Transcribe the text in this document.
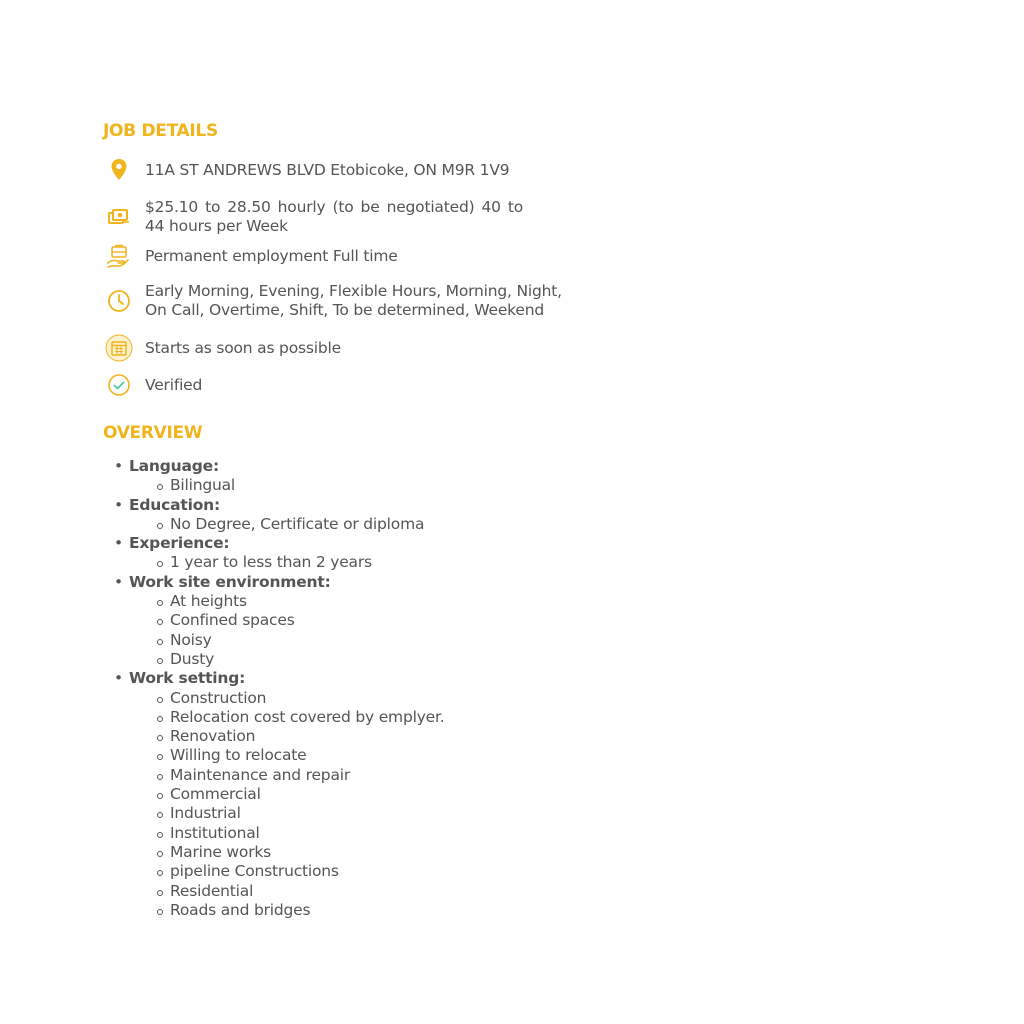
JOB DETAILS
11A ST ANDREWS BLVD Etobicoke, ON M9R 1V9
$25.10 to 28.50 hourly (to be negotiated) 40 to 44 hours per Week
Permanent employment Full time
Early Morning, Evening, Flexible Hours, Morning, Night, On Call, Overtime, Shift, To be determined, Weekend
Starts as soon as possible
Verified
OVERVIEW
• Language:
Bilingual
• Education:
No Degree, Certificate or diploma
• Experience:
1 year to less than 2 years
• Work site environment:
At heights
Confined spaces
Noisy
Dusty
• Work setting:
Construction
Relocation cost covered by emplyer.
Renovation
Willing to relocate
Maintenance and repair
Commercial
Industrial
Institutional
Marine works
pipeline Constructions
Residential
Roads and bridges
